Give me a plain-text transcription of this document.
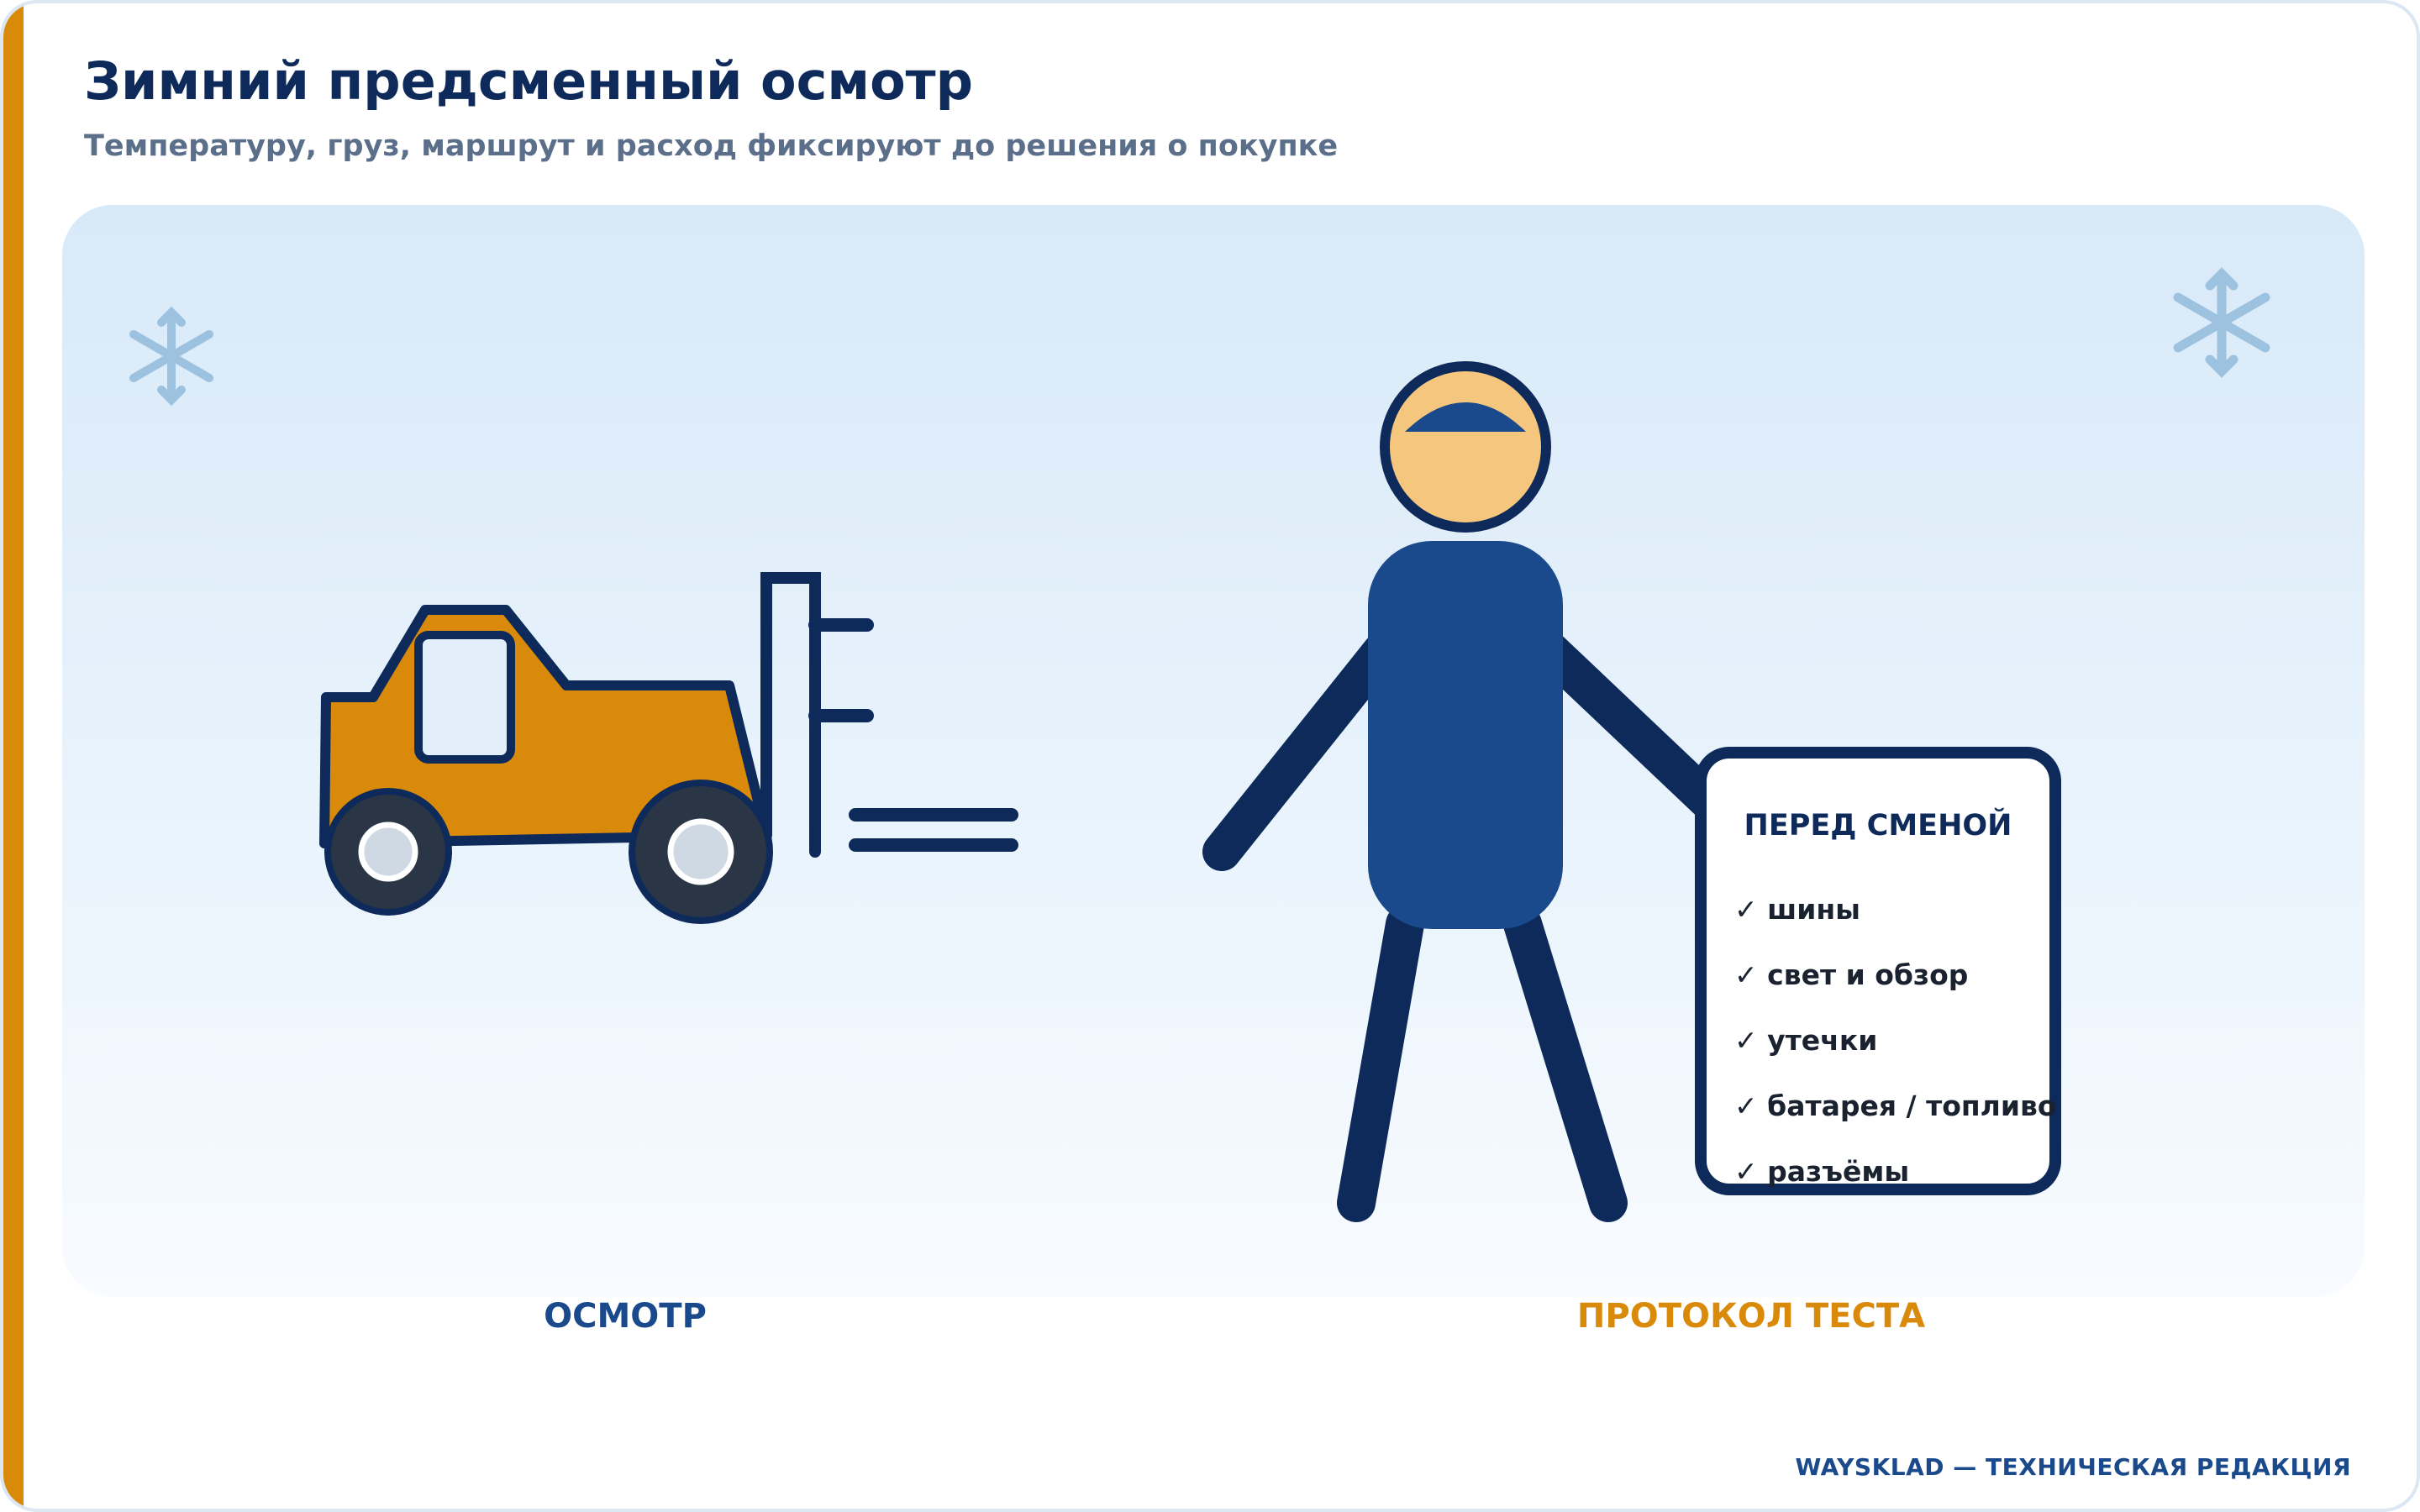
Зимний предсменный осмотр

Температуру, груз, маршрут и расход фиксируют до решения о покупке

ПЕРЕД СМЕНОЙ
✓ шины
✓ свет и обзор
✓ утечки
✓ батарея / топливо
✓ разъёмы
ОСМОТР	ПРОТОКОЛ ТЕСТА
WAYSKLAD — ТЕХНИЧЕСКАЯ РЕДАКЦИЯ
